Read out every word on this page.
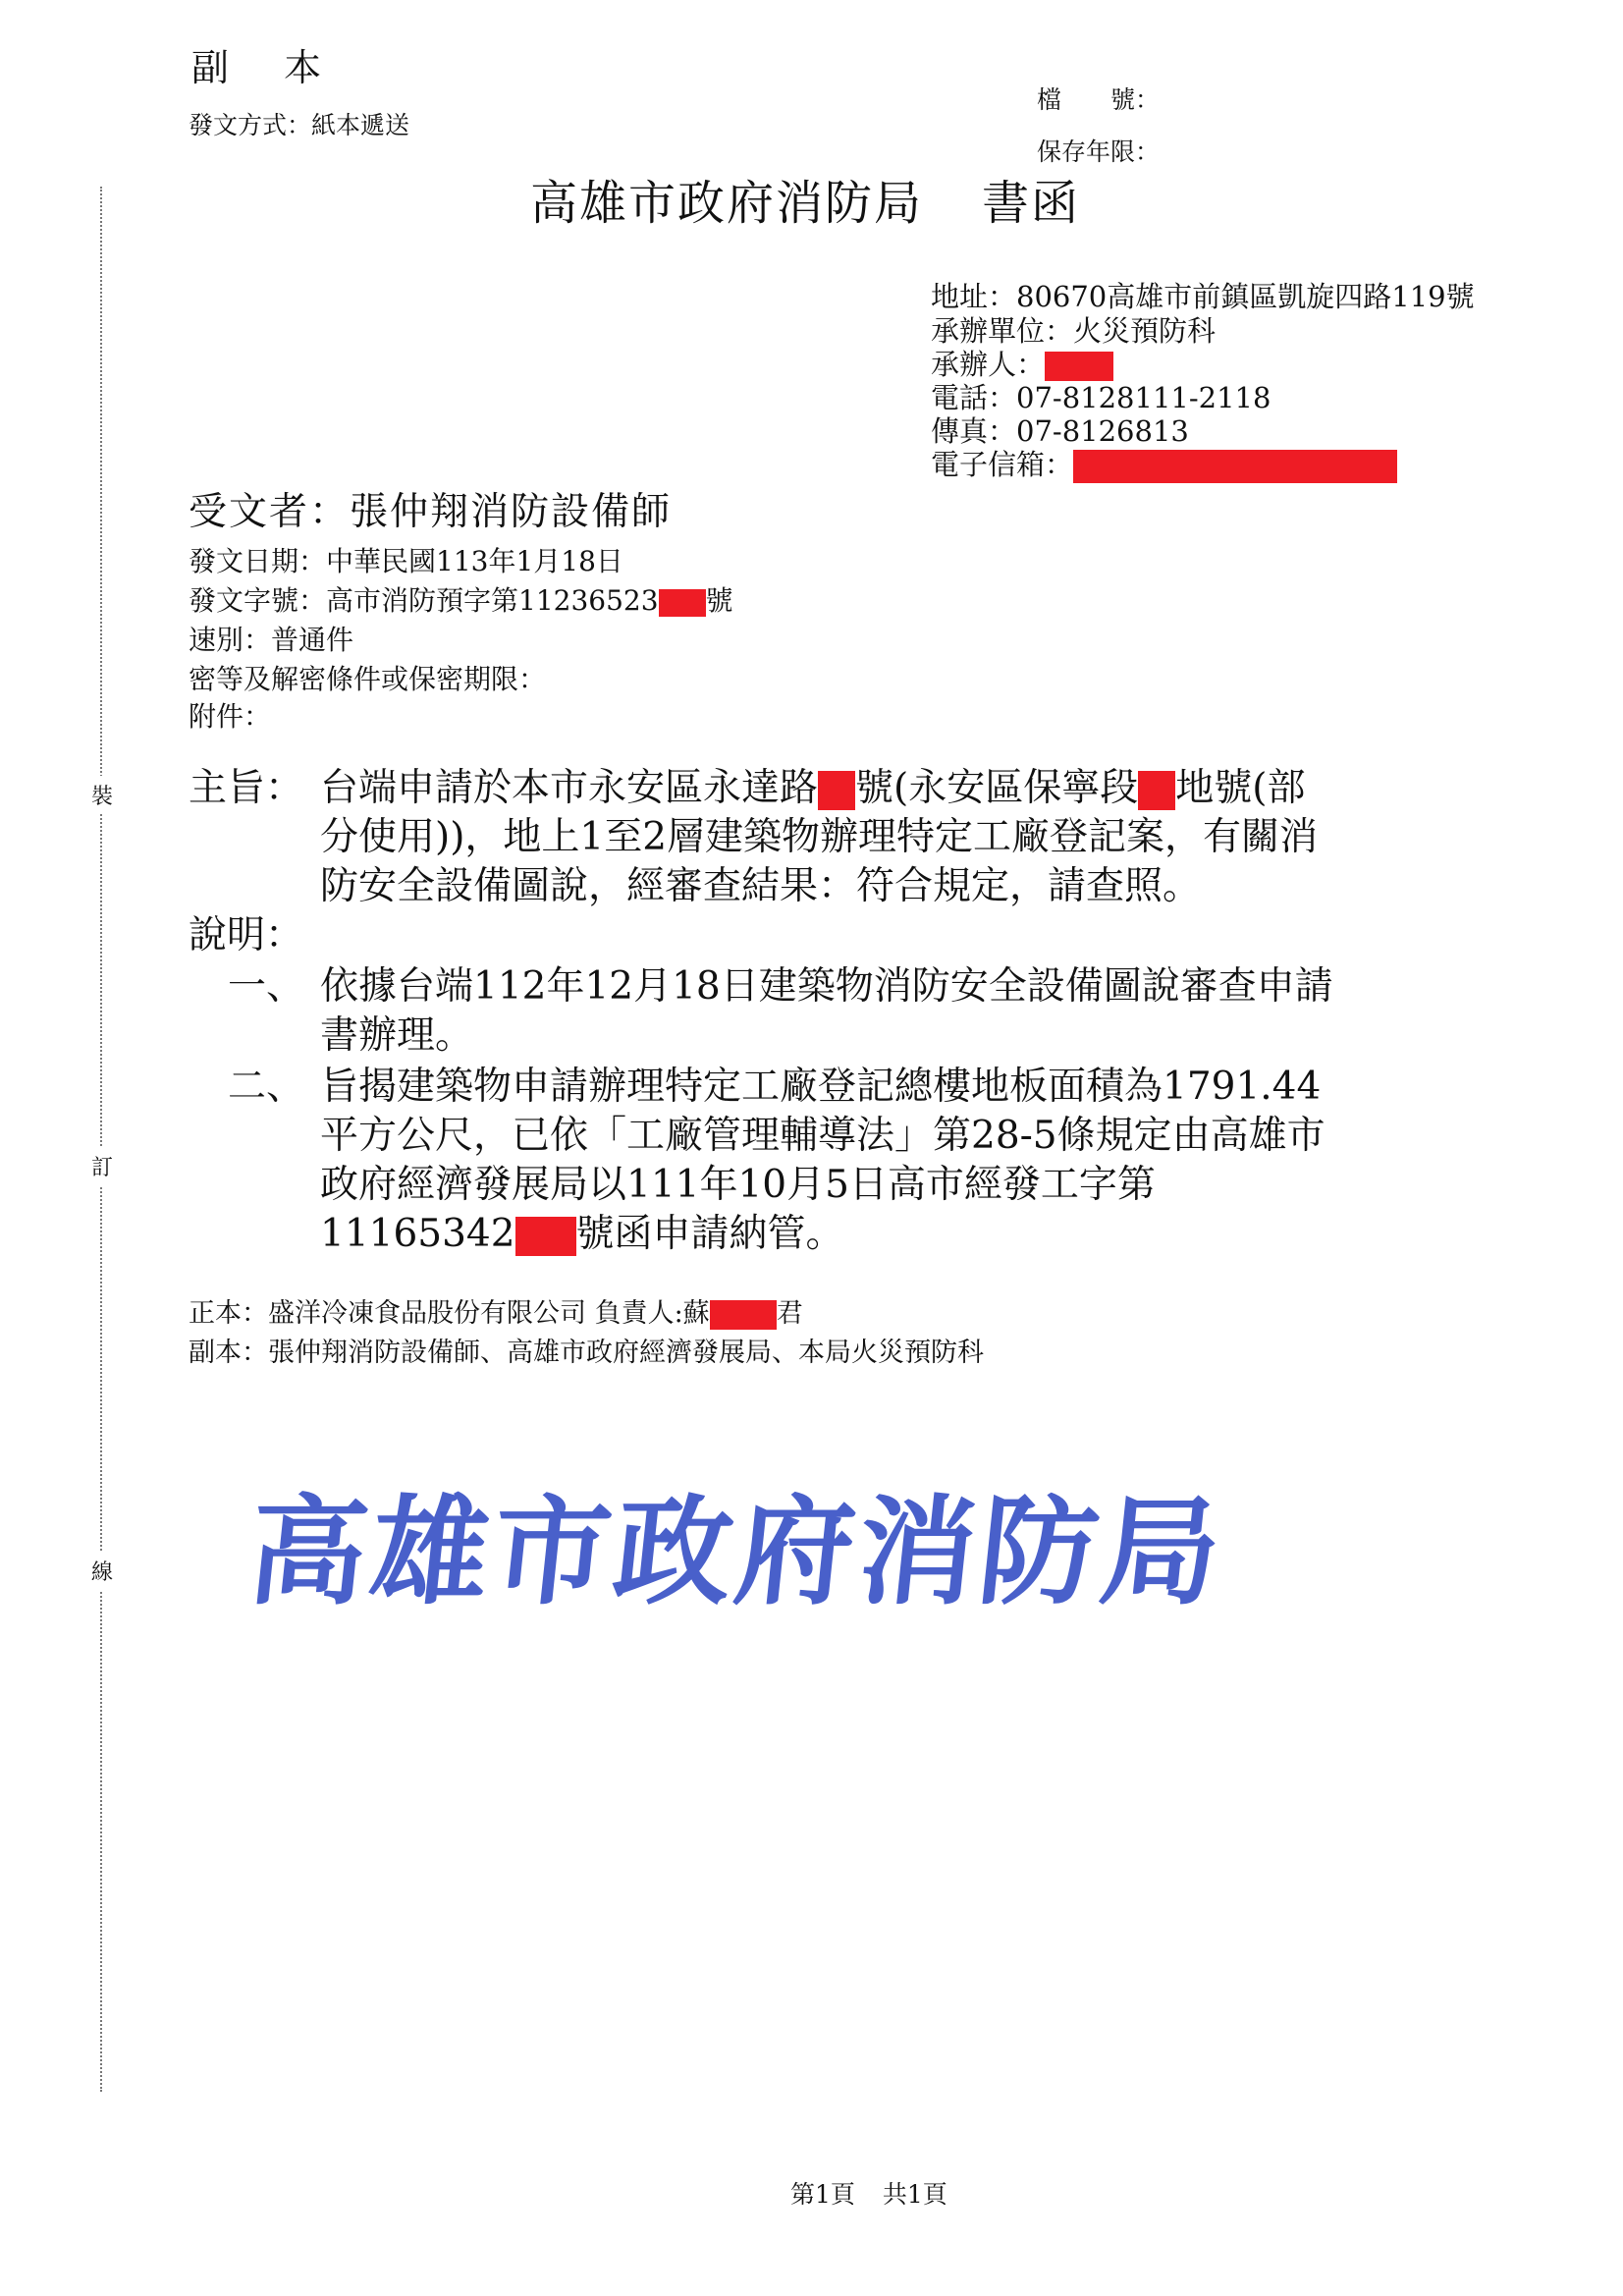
裝
訂
線
副 本
發文方式：紙本遞送
檔　　號：
保存年限：
高雄市政府消防局 書函
地址：80670高雄市前鎮區凱旋四路119號
承辦單位：火災預防科
承辦人：
電話：07-8128111-2118
傳真：07-8126813
電子信箱：
受文者：張仲翔消防設備師
發文日期：中華民國113年1月18日
發文字號：高市消防預字第11236523 號
速別：普通件
密等及解密條件或保密期限：
附件：
主旨： 台端申請於本市永安區永達路 號(永安區保寧段 地號(部
分使用))，地上1至2層建築物辦理特定工廠登記案，有關消
防安全設備圖說，經審查結果：符合規定，請查照。
說明：
一、 依據台端112年12月18日建築物消防安全設備圖說審查申請
書辦理。
二、 旨揭建築物申請辦理特定工廠登記總樓地板面積為1791.44
平方公尺，已依「工廠管理輔導法」第28-5條規定由高雄市
政府經濟發展局以111年10月5日高市經發工字第
11165342 號函申請納管。
正本：盛洋冷凍食品股份有限公司 負責人:蘇	君
副本：張仲翔消防設備師、高雄市政府經濟發展局、本局火災預防科
高雄市政府消防局
第1頁 共1頁
